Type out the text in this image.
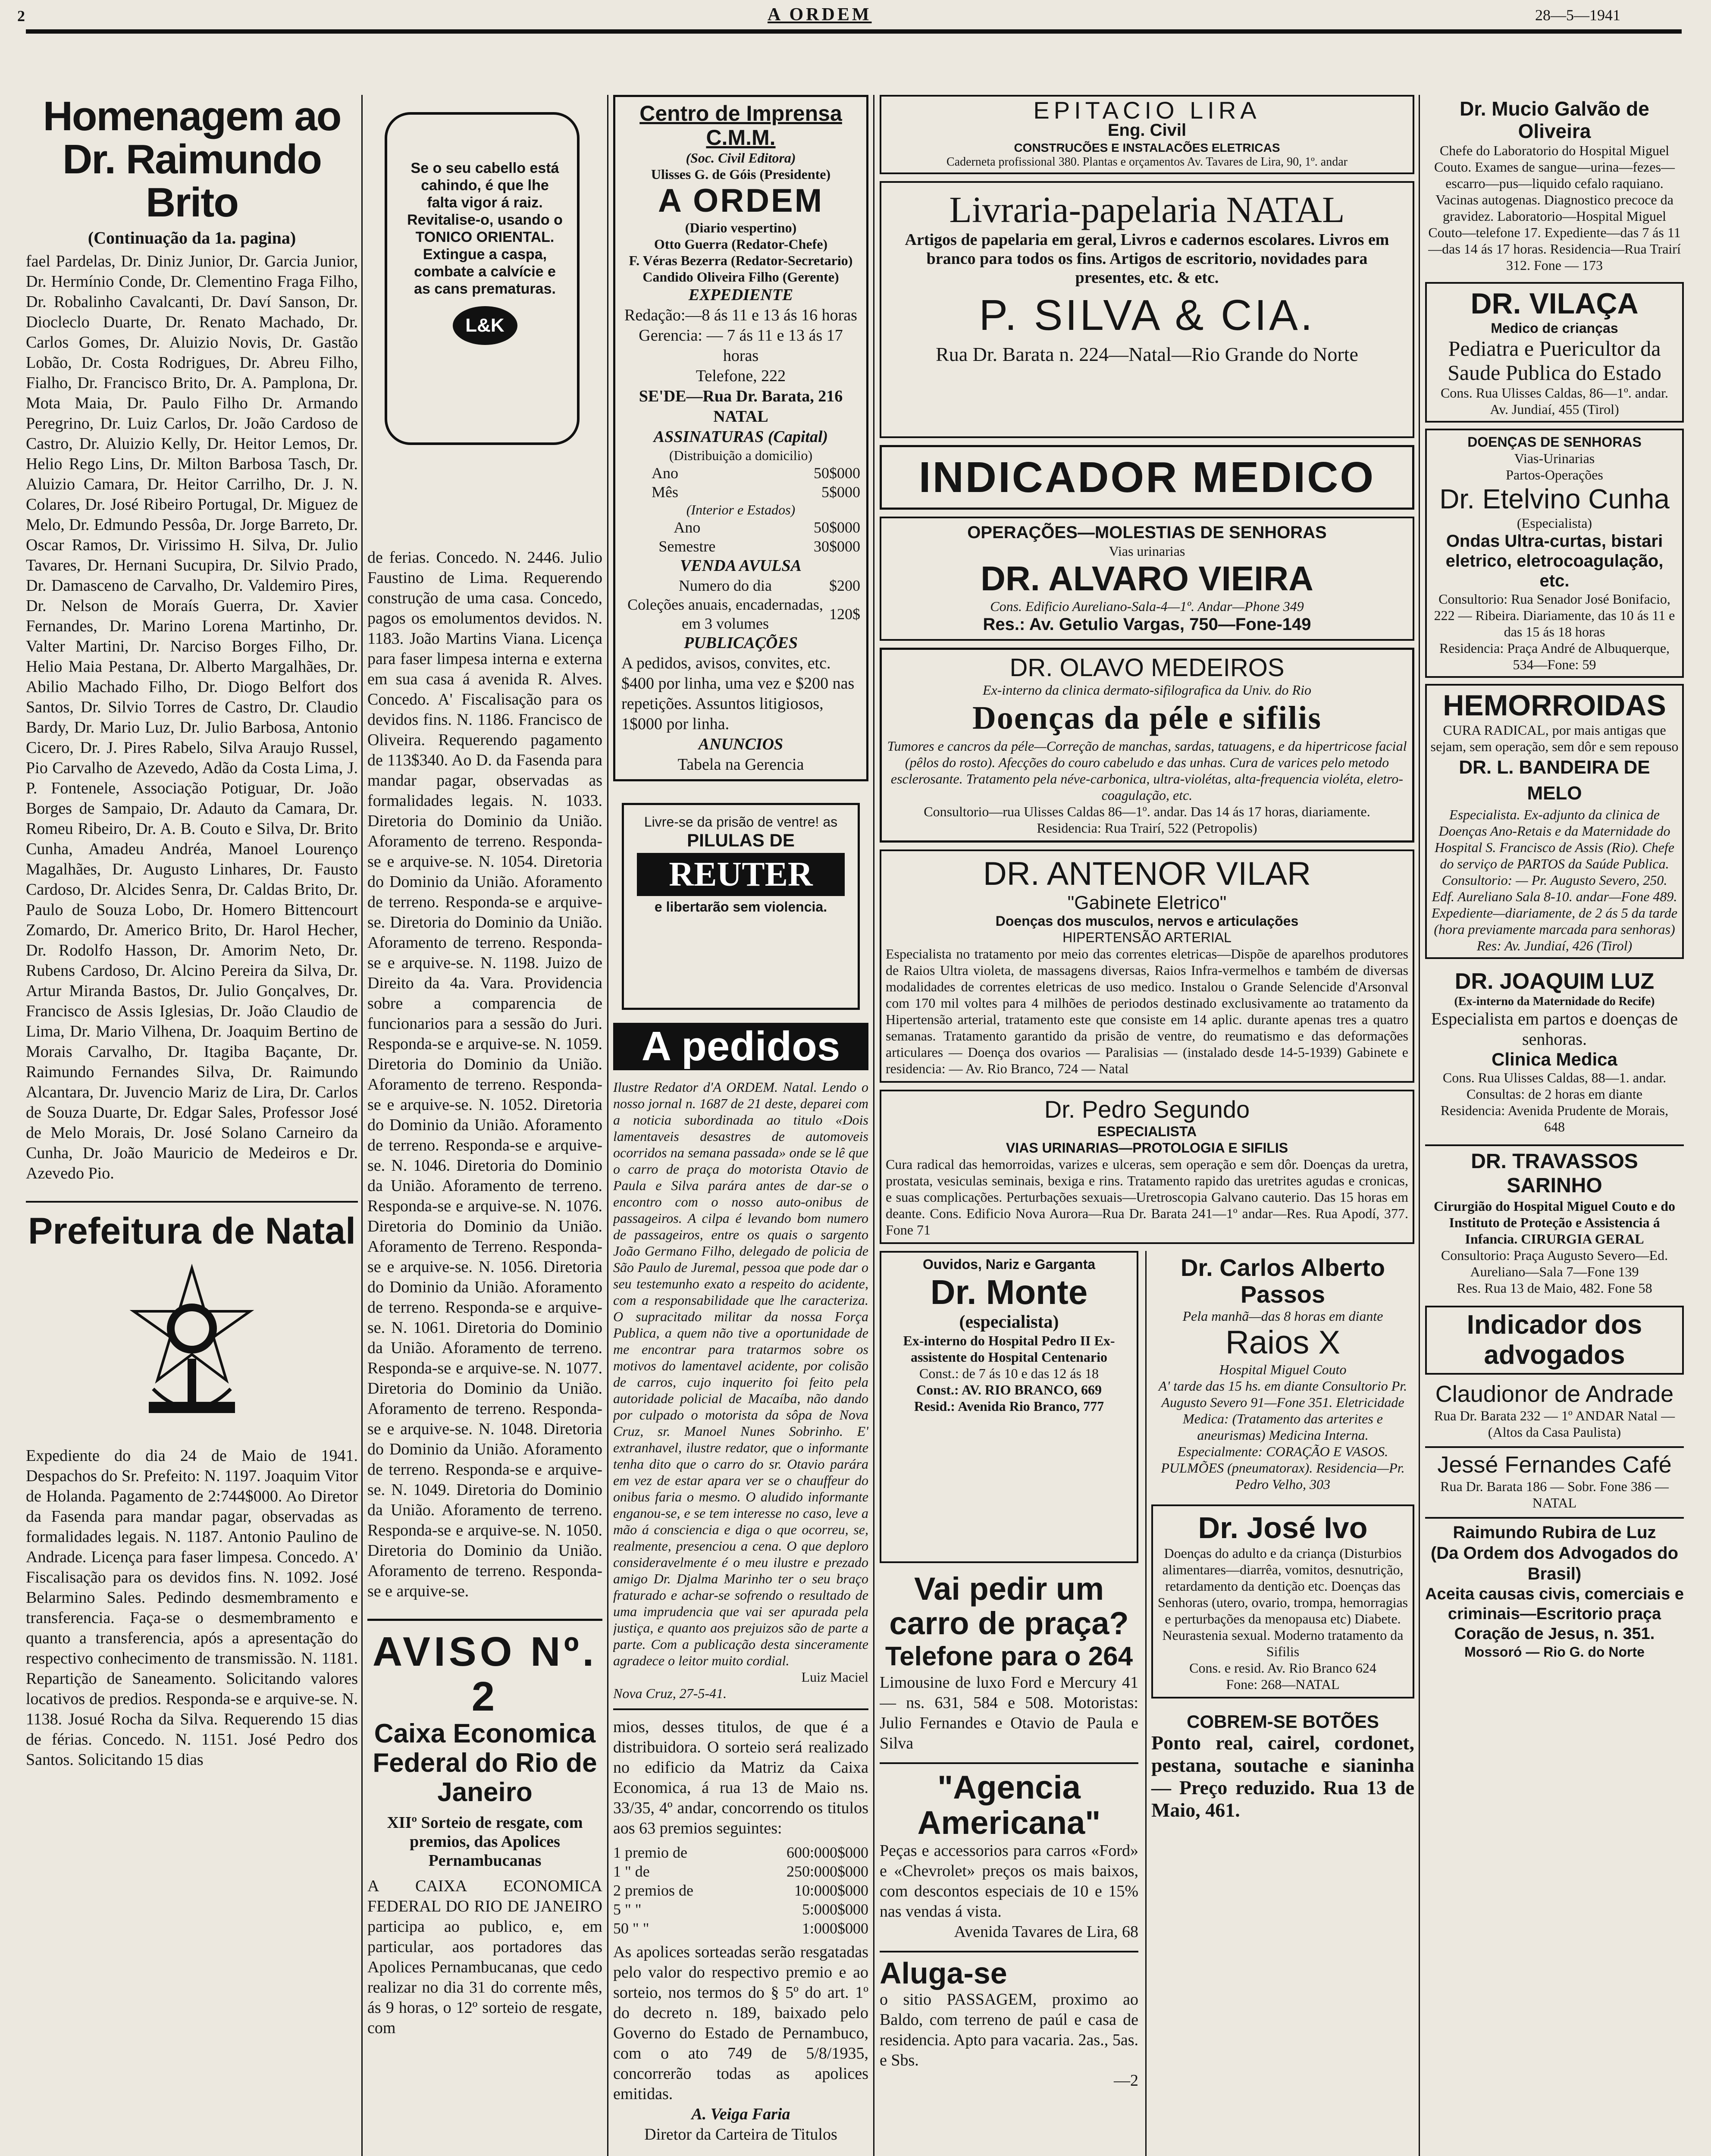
2	A ORDEM	28—5—1941
Homenagem ao Dr. Raimundo Brito
(Continuação da 1a. pagina)

fael Pardelas, Dr. Diniz Junior, Dr. Garcia Junior, Dr. Hermínio Conde, Dr. Clementino Fraga Filho, Dr. Robalinho Cavalcanti, Dr. Daví Sanson, Dr. Diocleclo Duarte, Dr. Renato Machado, Dr. Carlos Gomes, Dr. Aluizio Novis, Dr. Gastão Lobão, Dr. Costa Rodrigues, Dr. Abreu Filho, Fialho, Dr. Francisco Brito, Dr. A. Pamplona, Dr. Mota Maia, Dr. Paulo Filho Dr. Armando Peregrino, Dr. Luiz Carlos, Dr. João Cardoso de Castro, Dr. Aluizio Kelly, Dr. Heitor Lemos, Dr. Helio Rego Lins, Dr. Milton Barbosa Tasch, Dr. Aluizio Camara, Dr. Heitor Carrilho, Dr. J. N. Colares, Dr. José Ribeiro Portugal, Dr. Miguez de Melo, Dr. Edmundo Pessôa, Dr. Jorge Barreto, Dr. Oscar Ramos, Dr. Virissimo H. Silva, Dr. Julio Tavares, Dr. Hernani Sucupira, Dr. Silvio Prado, Dr. Damasceno de Carvalho, Dr. Valdemiro Pires, Dr. Nelson de Moraís Guerra, Dr. Xavier Fernandes, Dr. Marino Lorena Martinho, Dr. Valter Martini, Dr. Narciso Borges Filho, Dr. Helio Maia Pestana, Dr. Alberto Margalhães, Dr. Abilio Machado Filho, Dr. Diogo Belfort dos Santos, Dr. Silvio Torres de Castro, Dr. Claudio Bardy, Dr. Mario Luz, Dr. Julio Barbosa, Antonio Cicero, Dr. J. Pires Rabelo, Silva Araujo Russel, Pio Carvalho de Azevedo, Adão da Costa Lima, J. P. Fontenele, Associação Potiguar, Dr. João Borges de Sampaio, Dr. Adauto da Camara, Dr. Romeu Ribeiro, Dr. A. B. Couto e Silva, Dr. Brito Cunha, Amadeu Andréa, Manoel Lourenço Magalhães, Dr. Augusto Linhares, Dr. Fausto Cardoso, Dr. Alcides Senra, Dr. Caldas Brito, Dr. Paulo de Souza Lobo, Dr. Homero Bittencourt Zomardo, Dr. Americo Brito, Dr. Harol Hecher, Dr. Rodolfo Hasson, Dr. Amorim Neto, Dr. Rubens Cardoso, Dr. Alcino Pereira da Silva, Dr. Artur Miranda Bastos, Dr. Julio Gonçalves, Dr. Francisco de Assis Iglesias, Dr. João Claudio de Lima, Dr. Mario Vilhena, Dr. Joaquim Bertino de Morais Carvalho, Dr. Itagiba Baçante, Dr. Raimundo Fernandes Silva, Dr. Raimundo Alcantara, Dr. Juvencio Mariz de Lira, Dr. Carlos de Souza Duarte, Dr. Edgar Sales, Professor José de Melo Morais, Dr. José Solano Carneiro da Cunha, Dr. João Mauricio de Medeiros e Dr. Azevedo Pio.

Prefeitura de Natal

Expediente do dia 24 de Maio de 1941. Despachos do Sr. Prefeito: N. 1197. Joaquim Vitor de Holanda. Pagamento de 2:744$000. Ao Diretor da Fasenda para mandar pagar, observadas as formalidades legais. N. 1187. Antonio Paulino de Andrade. Licença para faser limpesa. Concedo. A' Fiscalisação para os devidos fins. N. 1092. José Belarmino Sales. Pedindo desmembramento e transferencia. Faça-se o desmembramento e quanto a transferencia, após a apresentação do respectivo conhecimento de transmissão. N. 1181. Repartição de Saneamento. Solicitando valores locativos de predios. Responda-se e arquive-se. N. 1138. Josué Rocha da Silva. Requerendo 15 dias de férias. Concedo. N. 1151. José Pedro dos Santos. Solicitando 15 dias

Se o seu cabello está cahindo, é que lhe falta vigor á raiz. Revitalise-o, usando o TONICO ORIENTAL. Extingue a caspa, combate a calvície e as cans prematuras.
L&K

de ferias. Concedo. N. 2446. Julio Faustino de Lima. Requerendo construção de uma casa. Concedo, pagos os emolumentos devidos. N. 1183. João Martins Viana. Licença para faser limpesa interna e externa em sua casa á avenida R. Alves. Concedo. A' Fiscalisação para os devidos fins. N. 1186. Francisco de Oliveira. Requerendo pagamento de 113$340. Ao D. da Fasenda para mandar pagar, observadas as formalidades legais. N. 1033. Diretoria do Dominio da União. Aforamento de terreno. Responda-se e arquive-se. N. 1054. Diretoria do Dominio da União. Aforamento de terreno. Responda-se e arquive-se. Diretoria do Dominio da União. Aforamento de terreno. Responda-se e arquive-se. N. 1198. Juizo de Direito da 4a. Vara. Providencia sobre a comparencia de funcionarios para a sessão do Juri. Responda-se e arquive-se. N. 1059. Diretoria do Dominio da União. Aforamento de terreno. Responda-se e arquive-se. N. 1052. Diretoria do Dominio da União. Aforamento de terreno. Responda-se e arquive-se. N. 1046. Diretoria do Dominio da União. Aforamento de terreno. Responda-se e arquive-se. N. 1076. Diretoria do Dominio da União. Aforamento de Terreno. Responda-se e arquive-se. N. 1056. Diretoria do Dominio da União. Aforamento de terreno. Responda-se e arquive-se. N. 1061. Diretoria do Dominio da União. Aforamento de terreno. Responda-se e arquive-se. N. 1077. Diretoria do Dominio da União. Aforamento de terreno. Responda-se e arquive-se. N. 1048. Diretoria do Dominio da União. Aforamento de terreno. Responda-se e arquive-se. N. 1049. Diretoria do Dominio da União. Aforamento de terreno. Responda-se e arquive-se. N. 1050. Diretoria do Dominio da União. Aforamento de terreno. Responda-se e arquive-se.

AVISO Nº. 2
Caixa Economica Federal do Rio de Janeiro
XIIº Sorteio de resgate, com premios, das Apolices Pernambucanas

A CAIXA ECONOMICA FEDERAL DO RIO DE JANEIRO participa ao publico, e, em particular, aos portadores das Apolices Pernambucanas, que cedo realizar no dia 31 do corrente mês, ás 9 horas, o 12º sorteio de resgate, com

Centro de Imprensa C.M.M.
(Soc. Civil Editora)
Ulisses G. de Góis (Presidente)
A ORDEM
(Diario vespertino)
Otto Guerra (Redator-Chefe)
F. Véras Bezerra (Redator-Secretario)
Candido Oliveira Filho (Gerente)
EXPEDIENTE
Redação:—8 ás 11 e 13 ás 16 horas
Gerencia: — 7 ás 11 e 13 ás 17 horas
Telefone, 222
SE'DE—Rua Dr. Barata, 216 NATAL
ASSINATURAS (Capital)
(Distribuição a domicilio)
Ano	50$000
Mês	5$000
(Interior e Estados)
Ano	50$000
Semestre	30$000
VENDA AVULSA
Numero do dia	$200
Coleções anuais, encadernadas, em 3 volumes	120$
PUBLICAÇÕES
A pedidos, avisos, convites, etc. $400 por linha, uma vez e $200 nas repetições. Assuntos litigiosos, 1$000 por linha.
ANUNCIOS
Tabela na Gerencia
Livre-se da prisão de ventre! as
PILULAS DE
REUTER
e libertarão sem violencia.
A pedidos

Ilustre Redator d'A ORDEM. Natal. Lendo o nosso jornal n. 1687 de 21 deste, deparei com a noticia subordinada ao titulo «Dois lamentaveis desastres de automoveis ocorridos na semana passada» onde se lê que o carro de praça do motorista Otavio de Paula e Silva parára antes de dar-se o encontro com o nosso auto-onibus de passageiros. A cilpa é levando bom numero de passageiros, entre os quais o sargento João Germano Filho, delegado de policia de São Paulo de Juremal, pessoa que pode dar o seu testemunho exato a respeito do acidente, com a responsabilidade que lhe caracteriza. O supracitado militar da nossa Força Publica, a quem não tive a oportunidade de me encontrar para tratarmos sobre os motivos do lamentavel acidente, por colisão de carros, cujo inquerito foi feito pela autoridade policial de Macaíba, não dando por culpado o motorista da sôpa de Nova Cruz, sr. Manoel Nunes Sobrinho. E' extranhavel, ilustre redator, que o informante tenha dito que o carro do sr. Otavio parára em vez de estar apara ver se o chauffeur do onibus faria o mesmo. O aludido informante enganou-se, e se tem interesse no caso, leve a mão á consciencia e diga o que ocorreu, se, realmente, presenciou a cena. O que deploro consideravelmente é o meu ilustre e prezado amigo Dr. Djalma Marinho ter o seu braço fraturado e achar-se sofrendo o resultado de uma imprudencia que vai ser apurada pela justiça, e quanto aos prejuizos são de parte a parte. Com a publicação desta sinceramente agradece o leitor muito cordial.

Luiz Maciel
Nova Cruz, 27-5-41.

mios, desses titulos, de que é a distribuidora. O sorteio será realizado no edificio da Matriz da Caixa Economica, á rua 13 de Maio ns. 33/35, 4º andar, concorrendo os titulos aos 63 premios seguintes:

1 premio de	600:000$000
1 " de	250:000$000
2 premios de	10:000$000
5 " "	5:000$000
50 " "	1:000$000

As apolices sorteadas serão resgatadas pelo valor do respectivo premio e ao sorteio, nos termos do § 5º do art. 1º do decreto n. 189, baixado pelo Governo do Estado de Pernambuco, com o ato 749 de 5/8/1935, concorrerão todas as apolices emitidas.

A. Veiga Faria
Diretor da Carteira de Titulos
EPITACIO LIRA
Eng. Civil
CONSTRUCÕES E INSTALACÕES ELETRICAS
Caderneta profissional 380. Plantas e orçamentos Av. Tavares de Lira, 90, 1º. andar
Livraria-papelaria NATAL
Artigos de papelaria em geral, Livros e cadernos escolares. Livros em branco para todos os fins. Artigos de escritorio, novidades para presentes, etc. & etc.
P. SILVA & CIA.
Rua Dr. Barata n. 224—Natal—Rio Grande do Norte
INDICADOR MEDICO
OPERAÇÕES—MOLESTIAS DE SENHORAS
Vias urinarias
DR. ALVARO VIEIRA
Cons. Edificio Aureliano-Sala-4—1º. Andar—Phone 349
Res.: Av. Getulio Vargas, 750—Fone-149
DR. OLAVO MEDEIROS
Ex-interno da clinica dermato-sifilografica da Univ. do Rio
Doenças da péle e sifilis
Tumores e cancros da péle—Correção de manchas, sardas, tatuagens, e da hipertricose facial (pêlos do rosto). Afecções do couro cabeludo e das unhas. Cura de varices pelo metodo esclerosante. Tratamento pela néve-carbonica, ultra-violétas, alta-frequencia violéta, eletro-coagulação, etc.
Consultorio—rua Ulisses Caldas 86—1º. andar. Das 14 ás 17 horas, diariamente.
Residencia: Rua Trairí, 522 (Petropolis)
DR. ANTENOR VILAR
"Gabinete Eletrico"
Doenças dos musculos, nervos e articulações
HIPERTENSÃO ARTERIAL
Especialista no tratamento por meio das correntes eletricas—Dispõe de aparelhos produtores de Raios Ultra violeta, de massagens diversas, Raios Infra-vermelhos e também de diversas modalidades de correntes eletricas de uso medico. Instalou o Grande Selencide d'Arsonval com 170 mil voltes para 4 milhões de periodos destinado exclusivamente ao tratamento da Hipertensão arterial, tratamento este que consiste em 14 aplic. durante apenas tres a quatro semanas. Tratamento garantido da prisão de ventre, do reumatismo e das deformações articulares — Doença dos ovarios — Paralisias — (instalado desde 14-5-1939) Gabinete e residencia: — Av. Rio Branco, 724 — Natal
Dr. Pedro Segundo
ESPECIALISTA
VIAS URINARIAS—PROTOLOGIA E SIFILIS
Cura radical das hemorroidas, varizes e ulceras, sem operação e sem dôr. Doenças da uretra, prostata, vesiculas seminais, bexiga e rins. Tratamento rapido das uretrites agudas e cronicas, e suas complicações. Perturbações sexuais—Uretroscopia Galvano cauterio. Das 15 horas em deante. Cons. Edificio Nova Aurora—Rua Dr. Barata 241—1º andar—Res. Rua Apodí, 377. Fone 71
Ouvidos, Nariz e Garganta
Dr. Monte
(especialista)
Ex-interno do Hospital Pedro II Ex-assistente do Hospital Centenario
Const.: de 7 ás 10 e das 12 ás 18
Const.: AV. RIO BRANCO, 669
Resid.: Avenida Rio Branco, 777
Vai pedir um carro de praça?
Telefone para o 264
Limousine de luxo Ford e Mercury 41 — ns. 631, 584 e 508. Motoristas: Julio Fernandes e Otavio de Paula e Silva
"Agencia Americana"
Peças e accessorios para carros «Ford» e «Chevrolet» preços os mais baixos, com descontos especiais de 10 e 15% nas vendas á vista.
Avenida Tavares de Lira, 68
Aluga-se
o sitio PASSAGEM, proximo ao Baldo, com terreno de paúl e casa de residencia. Apto para vacaria. 2as., 5as. e Sbs.
—2
Dr. Carlos Alberto Passos
Pela manhã—das 8 horas em diante
Raios X
Hospital Miguel Couto
A' tarde das 15 hs. em diante Consultorio Pr. Augusto Severo 91—Fone 351. Eletricidade Medica: (Tratamento das arterites e aneurismas) Medicina Interna. Especialmente: CORAÇÃO E VASOS. PULMÕES (pneumatorax). Residencia—Pr. Pedro Velho, 303
Dr. José Ivo
Doenças do adulto e da criança (Disturbios alimentares—diarrêa, vomitos, desnutrição, retardamento da dentição etc. Doenças das Senhoras (utero, ovario, trompa, hemorragias e perturbações da menopausa etc) Diabete. Neurastenia sexual. Moderno tratamento da Sifilis
Cons. e resid. Av. Rio Branco 624
Fone: 268—NATAL
COBREM-SE BOTÕES
Ponto real, cairel, cordonet, pestana, soutache e sianinha — Preço reduzido. Rua 13 de Maio, 461.
Dr. Mucio Galvão de Oliveira
Chefe do Laboratorio do Hospital Miguel Couto. Exames de sangue—urina—fezes—escarro—pus—liquido cefalo raquiano. Vacinas autogenas. Diagnostico precoce da gravidez. Laboratorio—Hospital Miguel Couto—telefone 17. Expediente—das 7 ás 11—das 14 ás 17 horas. Residencia—Rua Trairí 312. Fone — 173
DR. VILAÇA
Medico de crianças
Pediatra e Puericultor da Saude Publica do Estado
Cons. Rua Ulisses Caldas, 86—1º. andar. Av. Jundiaí, 455 (Tirol)
DOENÇAS DE SENHORAS
Vias-Urinarias
Partos-Operações
Dr. Etelvino Cunha
(Especialista)
Ondas Ultra-curtas, bistari eletrico, eletrocoagulação, etc.
Consultorio: Rua Senador José Bonifacio, 222 — Ribeira. Diariamente, das 10 ás 11 e das 15 ás 18 horas
Residencia: Praça André de Albuquerque, 534—Fone: 59
HEMORROIDAS
CURA RADICAL, por mais antigas que sejam, sem operação, sem dôr e sem repouso
DR. L. BANDEIRA DE MELO
Especialista. Ex-adjunto da clinica de Doenças Ano-Retais e da Maternidade do Hospital S. Francisco de Assis (Rio). Chefe do serviço de PARTOS da Saúde Publica. Consultorio: — Pr. Augusto Severo, 250. Edf. Aureliano Sala 8-10. andar—Fone 489. Expediente—diariamente, de 2 ás 5 da tarde (hora previamente marcada para senhoras)
Res: Av. Jundiaí, 426 (Tirol)
DR. JOAQUIM LUZ
(Ex-interno da Maternidade do Recife)
Especialista em partos e doenças de senhoras.
Clinica Medica
Cons. Rua Ulisses Caldas, 88—1. andar. Consultas: de 2 horas em diante
Residencia: Avenida Prudente de Morais, 648
DR. TRAVASSOS SARINHO
Cirurgião do Hospital Miguel Couto e do Instituto de Proteção e Assistencia á Infancia. CIRURGIA GERAL
Consultorio: Praça Augusto Severo—Ed. Aureliano—Sala 7—Fone 139
Res. Rua 13 de Maio, 482. Fone 58
Indicador dos advogados
Claudionor de Andrade
Rua Dr. Barata 232 — 1º ANDAR Natal — (Altos da Casa Paulista)
Jessé Fernandes Café
Rua Dr. Barata 186 — Sobr. Fone 386 — NATAL
Raimundo Rubira de Luz
(Da Ordem dos Advogados do Brasil)
Aceita causas civis, comerciais e criminais—Escritorio praça Coração de Jesus, n. 351.
Mossoró — Rio G. do Norte
